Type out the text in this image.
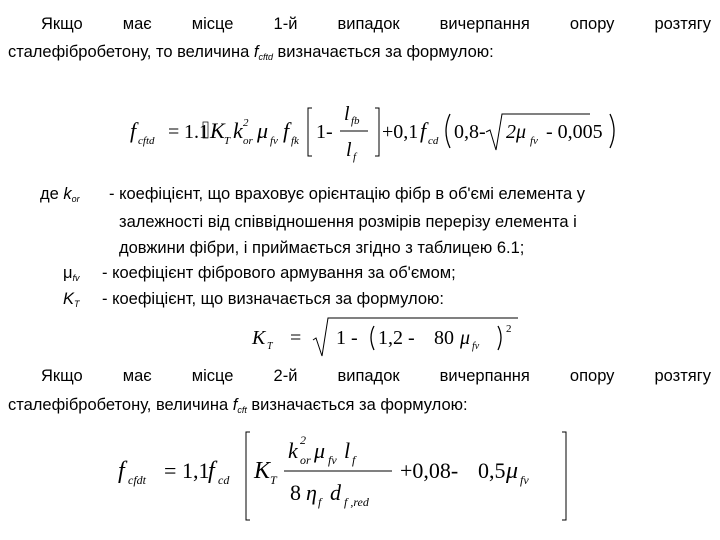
Якщо має місце 1-й випадок вичерпання опору розтягу
сталефібробетону, то величина $f_{cftd}$ визначається за формулою:
f cftd = 1.1 K T k 2
or μ fv f fk 1-
l fb
l f
+0,1 f cd 0,8- 2μ fv - 0,005
де $k_{or}$ - коефіцієнт, що враховує орієнтацію фібр в об'ємі елемента у
залежності від співвідношення розмірів перерізу елемента і
довжини фібри, і приймається згідно з таблицею 6.1;
$\mu_{fv}$ - коефіцієнт фібрового армування за об'ємом;
$K_T$ - коефіцієнт, що визначається за формулою:
K T = 1 - 1,2 - 80 μ fv
2
Якщо має місце 2-й випадок вичерпання опору розтягу
сталефібробетону, величина $f_{cft}$ визначається за формулою:
f cfdt = 1,1
f cd K T
k 2
or μ fv l f
8 η f d f ,red
+0,08- 0,5 μ fv
